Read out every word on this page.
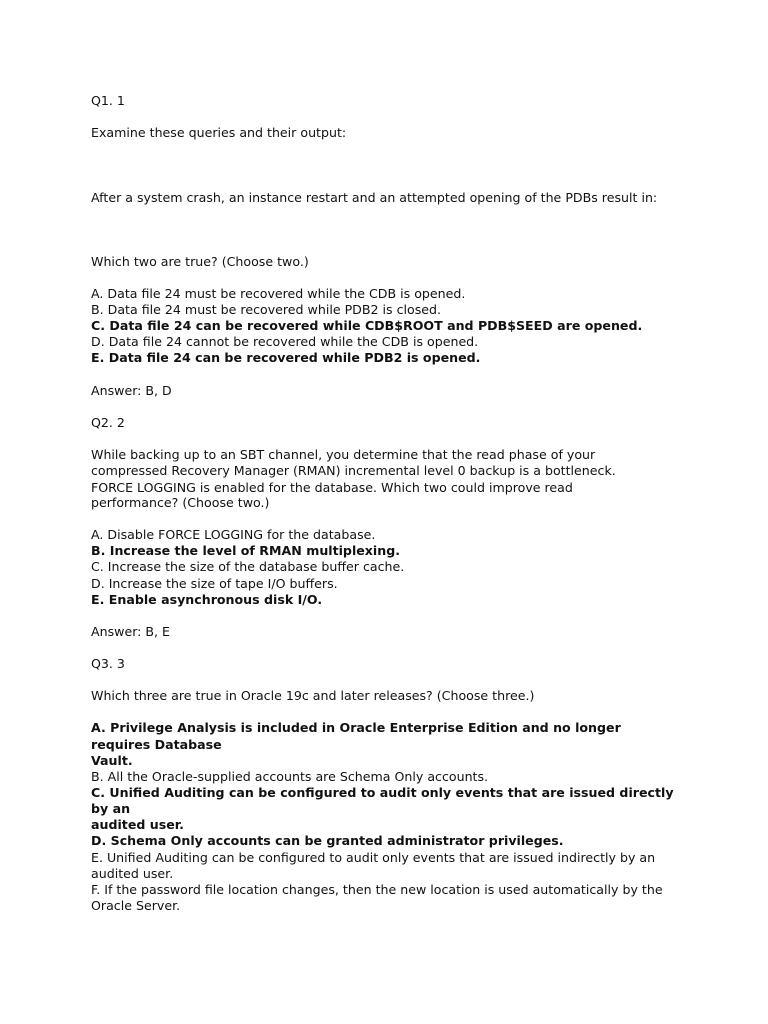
Q1. 1
Examine these queries and their output:
After a system crash, an instance restart and an attempted opening of the PDBs result in:
Which two are true? (Choose two.)
A. Data file 24 must be recovered while the CDB is opened.
B. Data file 24 must be recovered while PDB2 is closed.
C. Data file 24 can be recovered while CDB$ROOT and PDB$SEED are opened.
D. Data file 24 cannot be recovered while the CDB is opened.
E. Data file 24 can be recovered while PDB2 is opened.
Answer: B, D
Q2. 2
While backing up to an SBT channel, you determine that the read phase of your
compressed Recovery Manager (RMAN) incremental level 0 backup is a bottleneck.
FORCE LOGGING is enabled for the database. Which two could improve read
performance? (Choose two.)
A. Disable FORCE LOGGING for the database.
B. Increase the level of RMAN multiplexing.
C. Increase the size of the database buffer cache.
D. Increase the size of tape I/O buffers.
E. Enable asynchronous disk I/O.
Answer: B, E
Q3. 3
Which three are true in Oracle 19c and later releases? (Choose three.)
A. Privilege Analysis is included in Oracle Enterprise Edition and no longer
requires Database
Vault.
B. All the Oracle-supplied accounts are Schema Only accounts.
C. Unified Auditing can be configured to audit only events that are issued directly
by an
audited user.
D. Schema Only accounts can be granted administrator privileges.
E. Unified Auditing can be configured to audit only events that are issued indirectly by an
audited user.
F. If the password file location changes, then the new location is used automatically by the
Oracle Server.
